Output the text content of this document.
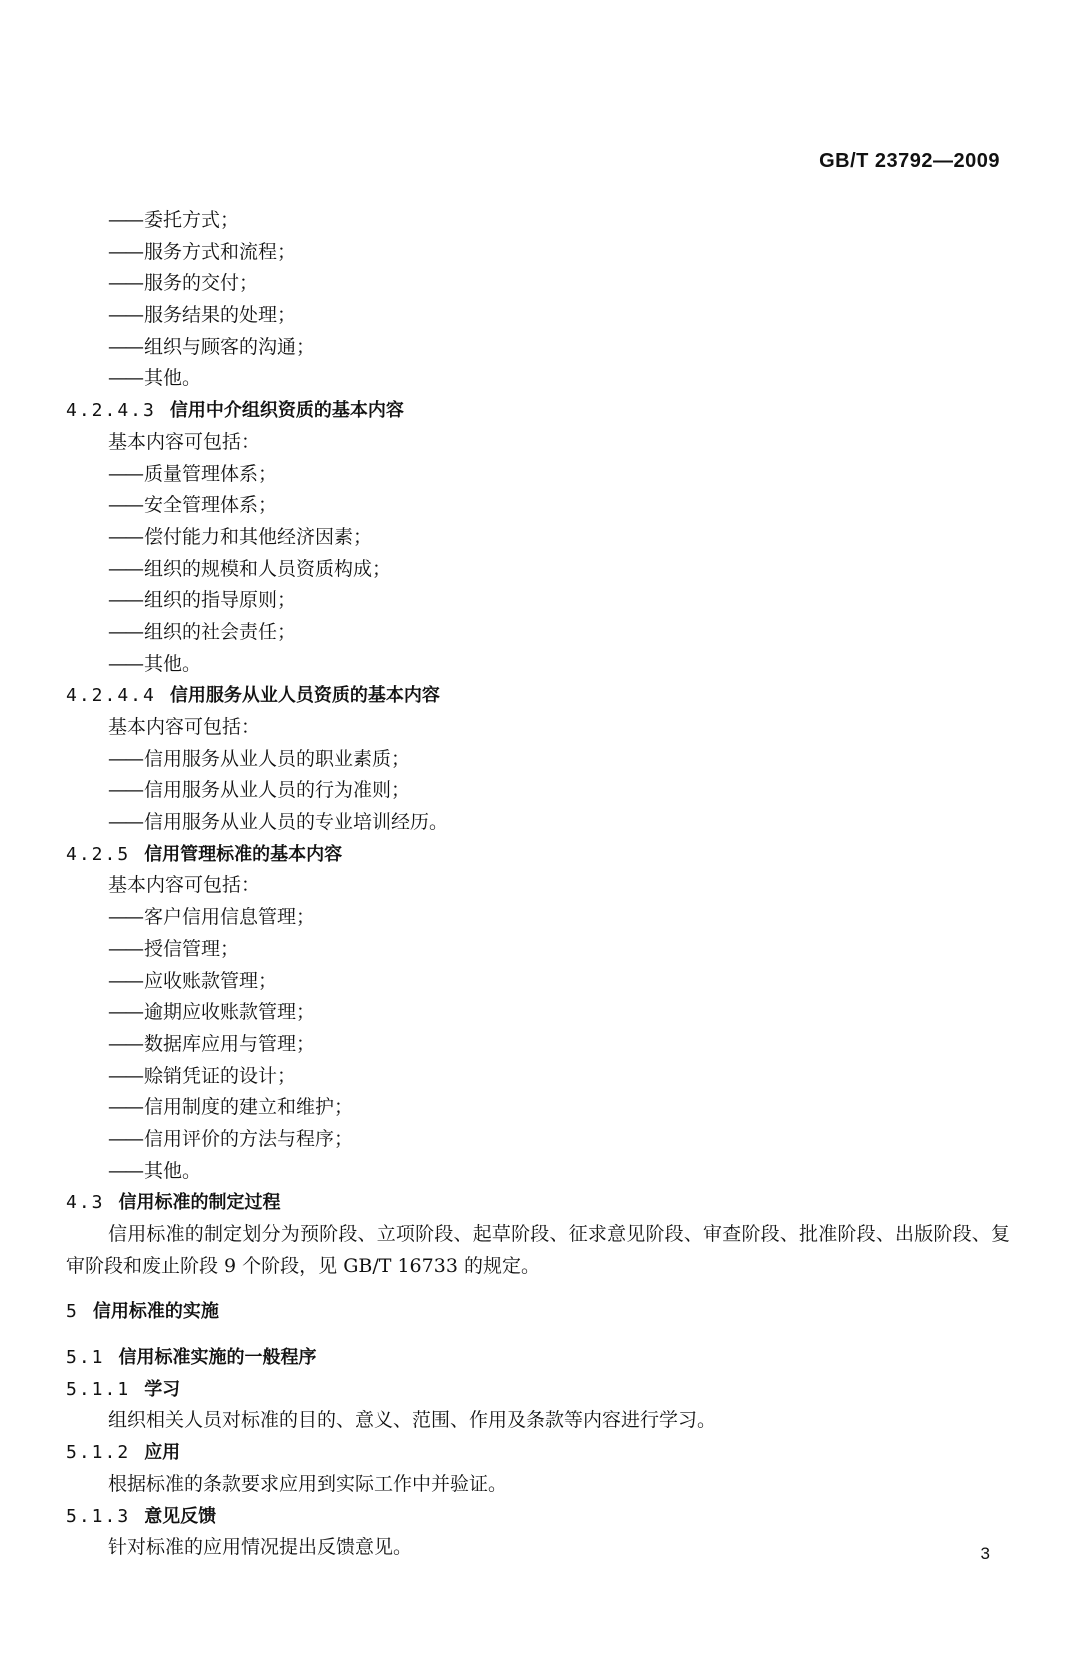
GB/T 23792—2009
—— 委托方式；
—— 服务方式和流程；
—— 服务的交付；
—— 服务结果的处理；
—— 组织与顾客的沟通；
—— 其他。
4.2.4.3 信用中介组织资质的基本内容
基本内容可包括：
—— 质量管理体系；
—— 安全管理体系；
—— 偿付能力和其他经济因素；
—— 组织的规模和人员资质构成；
—— 组织的指导原则；
—— 组织的社会责任；
—— 其他。
4.2.4.4 信用服务从业人员资质的基本内容
基本内容可包括：
—— 信用服务从业人员的职业素质；
—— 信用服务从业人员的行为准则；
—— 信用服务从业人员的专业培训经历。
4.2.5 信用管理标准的基本内容
基本内容可包括：
—— 客户信用信息管理；
—— 授信管理；
—— 应收账款管理；
—— 逾期应收账款管理；
—— 数据库应用与管理；
—— 赊销凭证的设计；
—— 信用制度的建立和维护；
—— 信用评价的方法与程序；
—— 其他。
4.3 信用标准的制定过程
信用标准的制定划分为预阶段、立项阶段、起草阶段、征求意见阶段、审查阶段、批准阶段、出版阶段、复审阶段和废止阶段 9 个阶段，见 GB/T 16733 的规定。
5 信用标准的实施
5.1 信用标准实施的一般程序
5.1.1 学习
组织相关人员对标准的目的、意义、范围、作用及条款等内容进行学习。
5.1.2 应用
根据标准的条款要求应用到实际工作中并验证。
5.1.3 意见反馈
针对标准的应用情况提出反馈意见。	3
